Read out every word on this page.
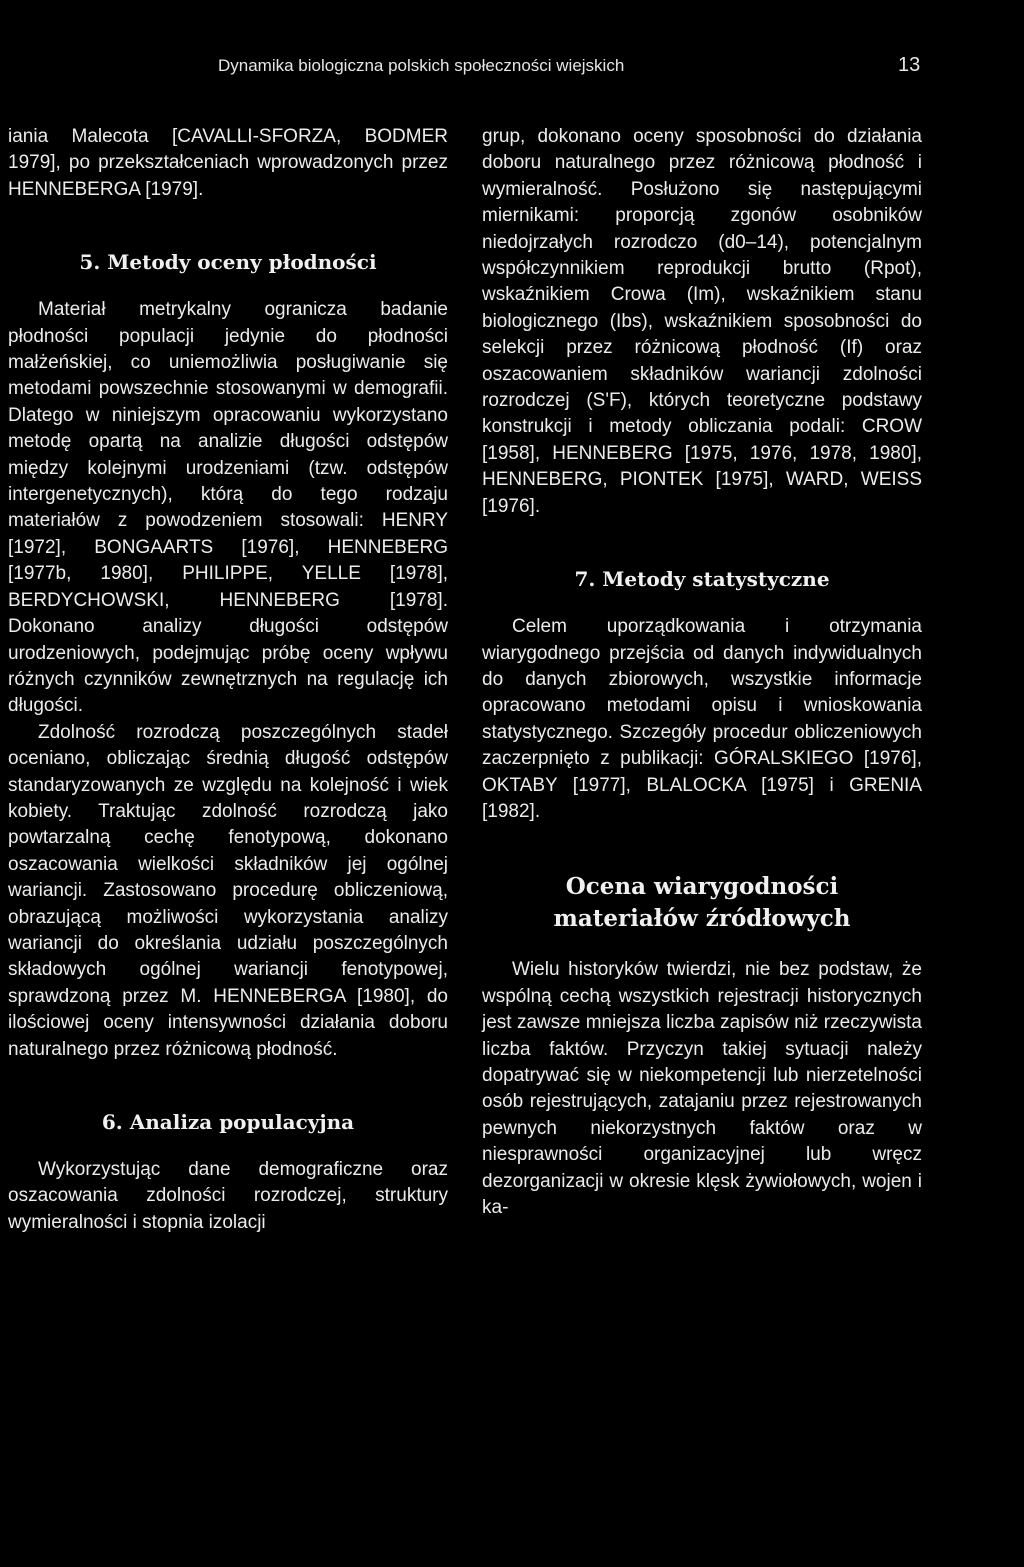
Dynamika biologiczna polskich społeczności wiejskich	13

iania Malecota [CAVALLI-SFORZA, BODMER 1979], po przekształceniach wprowadzonych przez HENNEBERGA [1979].

5. Metody oceny płodności

Materiał metrykalny ogranicza badanie płodności populacji jedynie do płodności małżeńskiej, co uniemożliwia posługiwanie się metodami powszechnie stosowanymi w demografii. Dlatego w niniejszym opracowaniu wykorzystano metodę opartą na analizie długości odstępów między kolejnymi urodzeniami (tzw. odstępów intergenetycznych), którą do tego rodzaju materiałów z powodzeniem stosowali: HENRY [1972], BONGAARTS [1976], HENNEBERG [1977b, 1980], PHILIPPE, YELLE [1978], BERDYCHOWSKI, HENNEBERG [1978]. Dokonano analizy długości odstępów urodzeniowych, podejmując próbę oceny wpływu różnych czynników zewnętrznych na regulację ich długości.

Zdolność rozrodczą poszczególnych stadeł oceniano, obliczając średnią długość odstępów standaryzowanych ze względu na kolejność i wiek kobiety. Traktując zdolność rozrodczą jako powtarzalną cechę fenotypową, dokonano oszacowania wielkości składników jej ogólnej wariancji. Zastosowano procedurę obliczeniową, obrazującą możliwości wykorzystania analizy wariancji do określania udziału poszczególnych składowych ogólnej wariancji fenotypowej, sprawdzoną przez M. HENNEBERGA [1980], do ilościowej oceny intensywności działania doboru naturalnego przez różnicową płodność.

6. Analiza populacyjna

Wykorzystując dane demograficzne oraz oszacowania zdolności rozrodczej, struktury wymieralności i stopnia izolacji

grup, dokonano oceny sposobności do działania doboru naturalnego przez różnicową płodność i wymieralność. Posłużono się następującymi miernikami: proporcją zgonów osobników niedojrzałych rozrodczo (d0–14), potencjalnym współczynnikiem reprodukcji brutto (Rpot), wskaźnikiem Crowa (Im), wskaźnikiem stanu biologicznego (Ibs), wskaźnikiem sposobności do selekcji przez różnicową płodność (If) oraz oszacowaniem składników wariancji zdolności rozrodczej (S'F), których teoretyczne podstawy konstrukcji i metody obliczania podali: CROW [1958], HENNEBERG [1975, 1976, 1978, 1980], HENNEBERG, PIONTEK [1975], WARD, WEISS [1976].

7. Metody statystyczne

Celem uporządkowania i otrzymania wiarygodnego przejścia od danych indywidualnych do danych zbiorowych, wszystkie informacje opracowano metodami opisu i wnioskowania statystycznego. Szczegóły procedur obliczeniowych zaczerpnięto z publikacji: GÓRALSKIEGO [1976], OKTABY [1977], BLALOCKA [1975] i GRENIA [1982].

Ocena wiarygodności
materiałów źródłowych

Wielu historyków twierdzi, nie bez podstaw, że wspólną cechą wszystkich rejestracji historycznych jest zawsze mniejsza liczba zapisów niż rzeczywista liczba faktów. Przyczyn takiej sytuacji należy dopatrywać się w niekompetencji lub nierzetelności osób rejestrujących, zatajaniu przez rejestrowanych pewnych niekorzystnych faktów oraz w niesprawności organizacyjnej lub wręcz dezorganizacji w okresie klęsk żywiołowych, wojen i ka-
